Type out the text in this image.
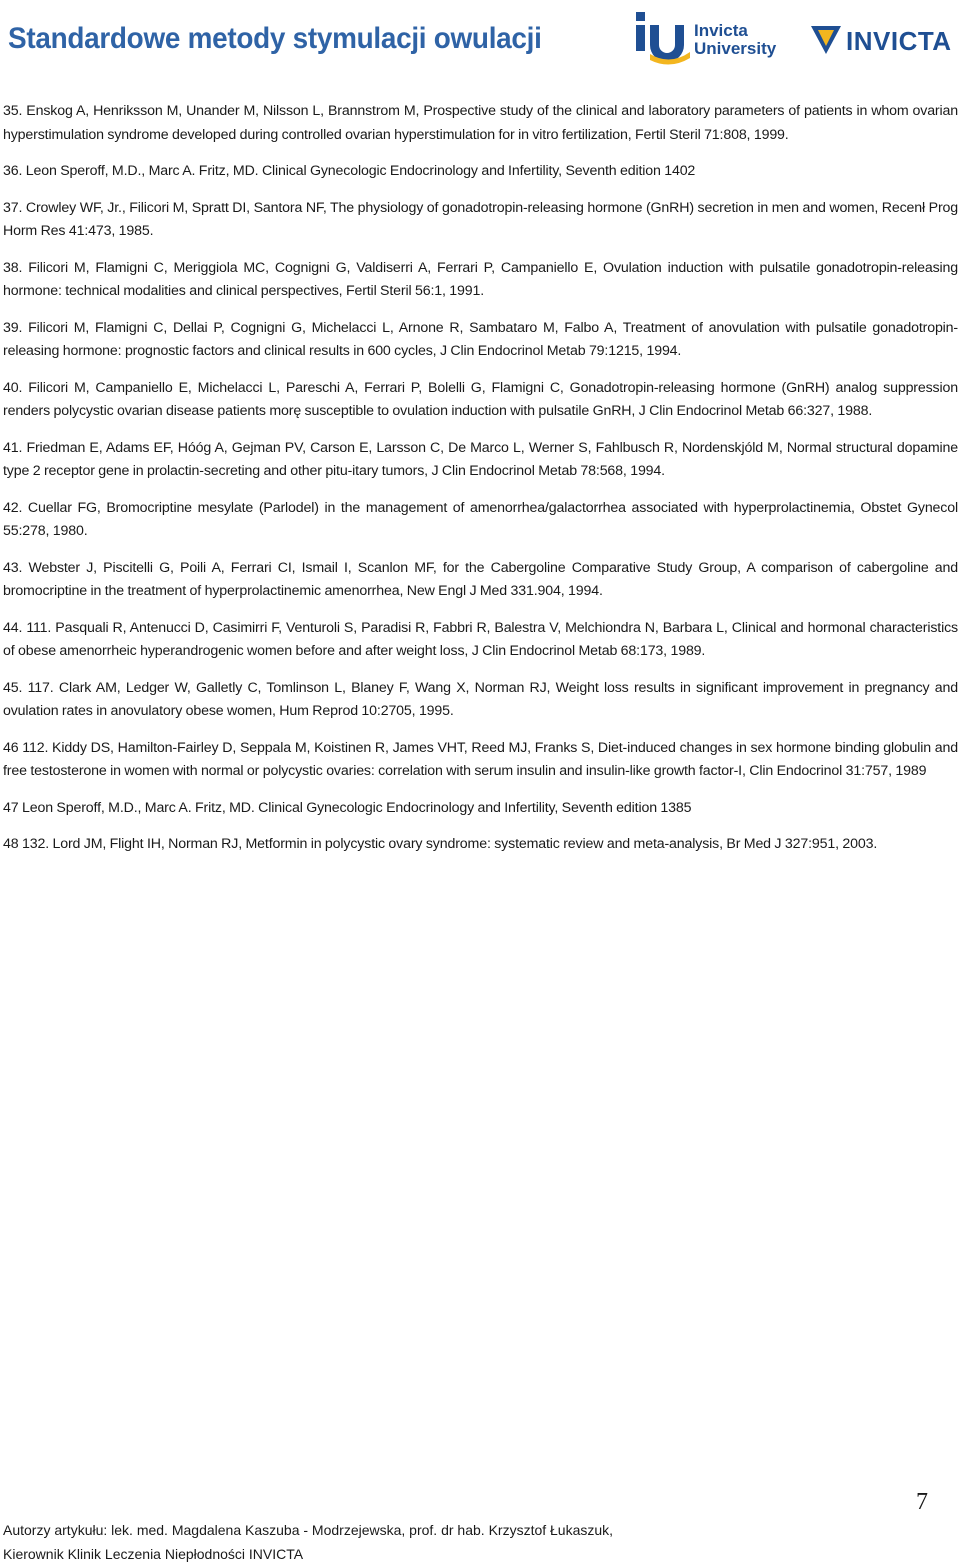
Standardowe metody stymulacji owulacji	Invicta
University	INVICTA

35. Enskog A, Henriksson M, Unander M, Nilsson L, Brannstrom M, Prospective study of the clinical and laboratory parameters of patients in whom ovarian hyperstimulation syndrome developed during controlled ovarian hyperstimulation for in vitro fertilization, Fertil Steril 71:808, 1999.

36. Leon Speroff, M.D., Marc A. Fritz, MD. Clinical Gynecologic Endocrinology and Infertility, Seventh edition 1402

37. Crowley WF, Jr., Filicori M, Spratt DI, Santora NF, The physiology of gonadotropin-releasing hormone (GnRH) secretion in men and women, Recenł Prog Horm Res 41:473, 1985.

38. Filicori M, Flamigni C, Meriggiola MC, Cognigni G, Valdiserri A, Ferrari P, Campaniello E, Ovulation induction with pulsatile gonadotropin-releasing hormone: technical modalities and clinical perspectives, Fertil Steril 56:1, 1991.

39. Filicori M, Flamigni C, Dellai P, Cognigni G, Michelacci L, Arnone R, Sambataro M, Falbo A, Treatment of anovulation with pulsatile gonadotropin-releasing hormone: prognostic factors and clinical results in 600 cycles, J Clin Endocrinol Metab 79:1215, 1994.

40. Filicori M, Campaniello E, Michelacci L, Pareschi A, Ferrari P, Bolelli G, Flamigni C, Gonadotropin-releasing hormone (GnRH) analog suppression renders polycystic ovarian disease patients morę susceptible to ovulation induction with pulsatile GnRH, J Clin Endocrinol Metab 66:327, 1988.

41. Friedman E, Adams EF, Hóóg A, Gejman PV, Carson E, Larsson C, De Marco L, Werner S, Fahlbusch R, Nordenskjóld M, Normal structural dopamine type 2 receptor gene in prolactin-secreting and other pitu-itary tumors, J Clin Endocrinol Metab 78:568, 1994.

42. Cuellar FG, Bromocriptine mesylate (Parlodel) in the management of amenorrhea/galactorrhea associated with hyperprolactinemia, Obstet Gynecol 55:278, 1980.

43. Webster J, Piscitelli G, Poili A, Ferrari CI, Ismail I, Scanlon MF, for the Cabergoline Comparative Study Group, A comparison of cabergoline and bromocriptine in the treatment of hyperprolactinemic amenorrhea, New Engl J Med 331.904, 1994.

44. 111. Pasquali R, Antenucci D, Casimirri F, Venturoli S, Paradisi R, Fabbri R, Balestra V, Melchiondra N, Barbara L, Clinical and hormonal characteristics of obese amenorrheic hyperandrogenic women before and after weight loss, J Clin Endocrinol Metab 68:173, 1989.

45. 117. Clark AM, Ledger W, Galletly C, Tomlinson L, Blaney F, Wang X, Norman RJ, Weight loss results in significant improvement in pregnancy and ovulation rates in anovulatory obese women, Hum Reprod 10:2705, 1995.

46 112. Kiddy DS, Hamilton-Fairley D, Seppala M, Koistinen R, James VHT, Reed MJ, Franks S, Diet-induced changes in sex hormone binding globulin and free testosterone in women with normal or polycystic ovaries: correlation with serum insulin and insulin-like growth factor-I, Clin Endocrinol 31:757, 1989

47 Leon Speroff, M.D., Marc A. Fritz, MD. Clinical Gynecologic Endocrinology and Infertility, Seventh edition 1385

48 132. Lord JM, Flight IH, Norman RJ, Metformin in polycystic ovary syndrome: systematic review and meta-analysis, Br Med J 327:951, 2003.

7
Autorzy artykułu: lek. med. Magdalena Kaszuba - Modrzejewska, prof. dr hab. Krzysztof Łukaszuk,
Kierownik Klinik Leczenia Niepłodności INVICTA
